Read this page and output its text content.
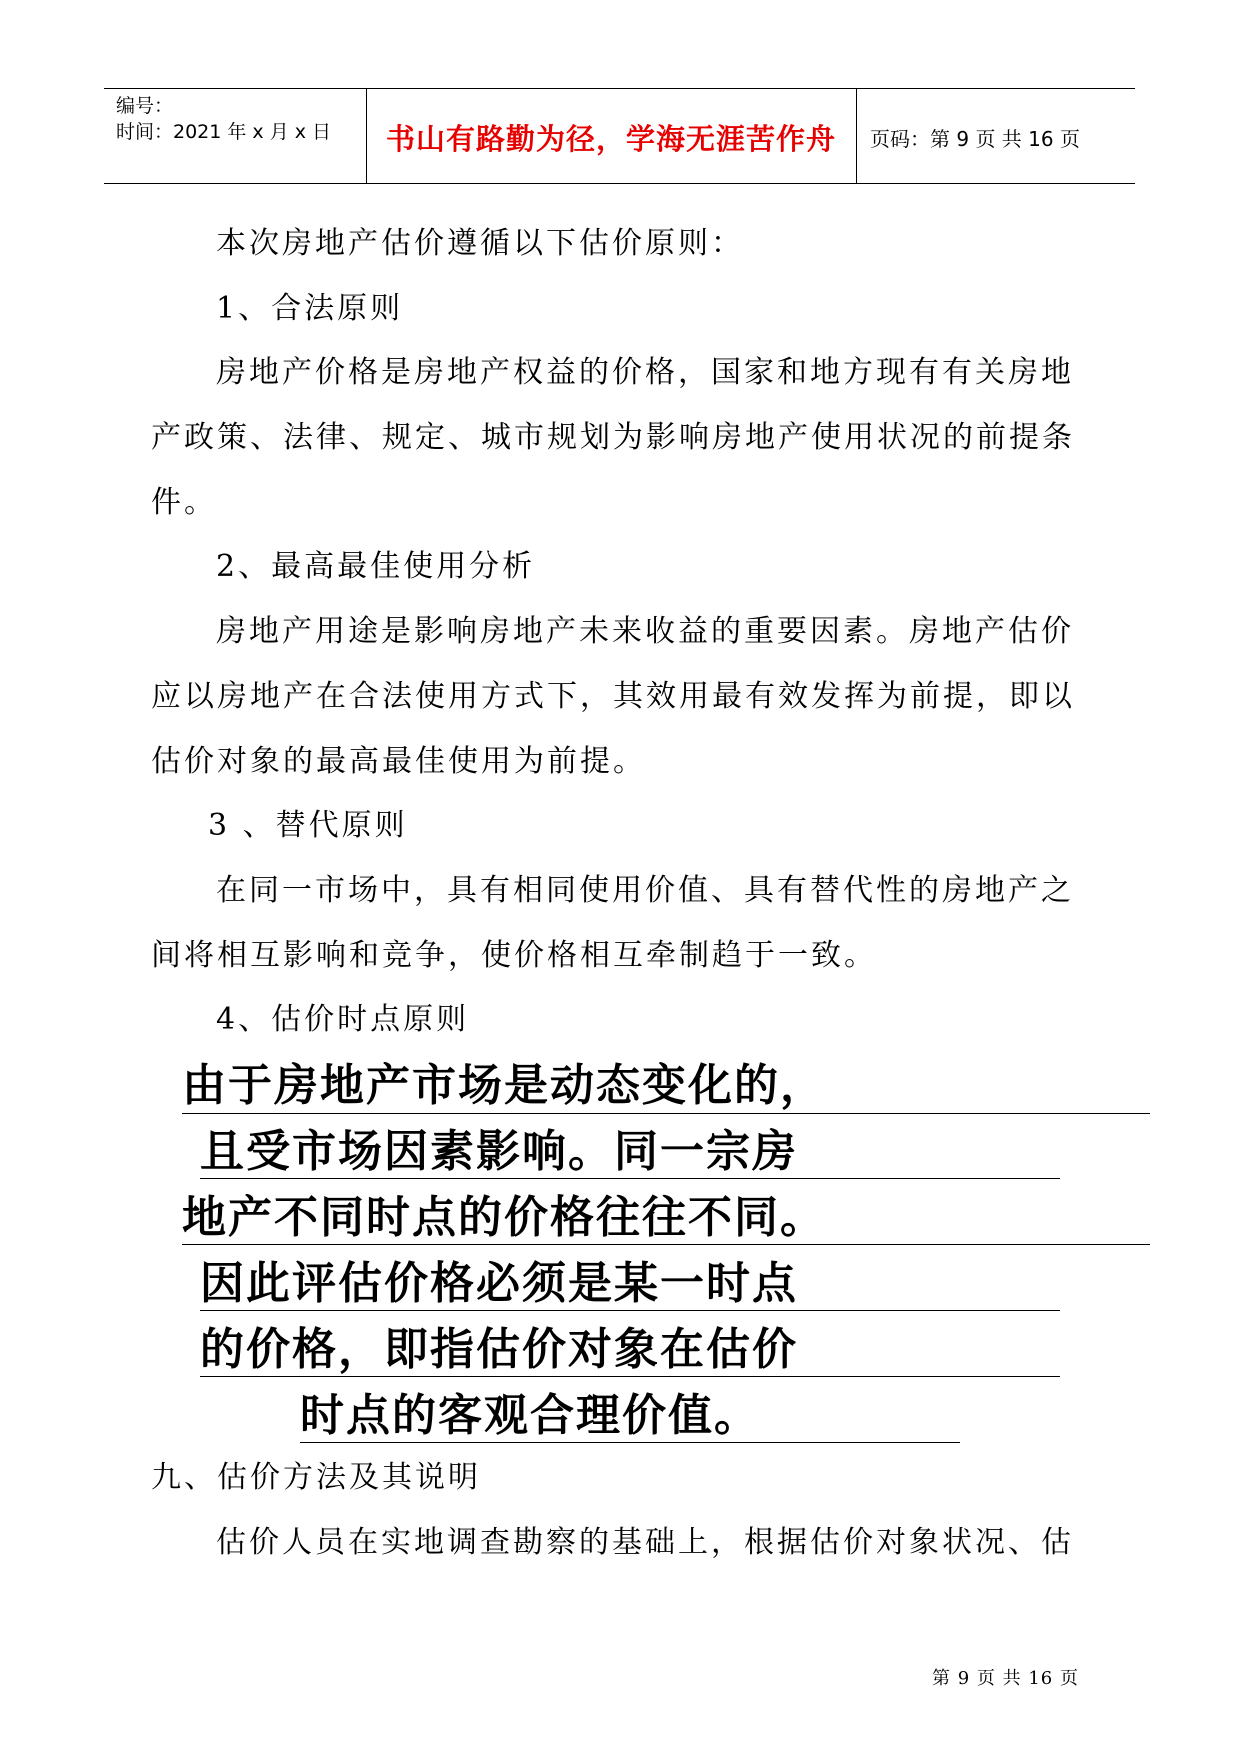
编号：
时间：2021 年 x 月 x 日	书山有路勤为径，学海无涯苦作舟	页码：第 9 页 共 16 页
本次房地产估价遵循以下估价原则：
1、合法原则
房地产价格是房地产权益的价格，国家和地方现有有关房地
产政策、法律、规定、城市规划为影响房地产使用状况的前提条
件。
2、最高最佳使用分析
房地产用途是影响房地产未来收益的重要因素。房地产估价
应以房地产在合法使用方式下，其效用最有效发挥为前提，即以
估价对象的最高最佳使用为前提。
3 、替代原则
在同一市场中，具有相同使用价值、具有替代性的房地产之
间将相互影响和竞争，使价格相互牵制趋于一致。
4、估价时点原则
由于房地产市场是动态变化的，
且受市场因素影响。同一宗房
地产不同时点的价格往往不同。
因此评估价格必须是某一时点
的价格，即指估价对象在估价
时点的客观合理价值。
九、估价方法及其说明
估价人员在实地调查勘察的基础上，根据估价对象状况、估
第 9 页 共 16 页
